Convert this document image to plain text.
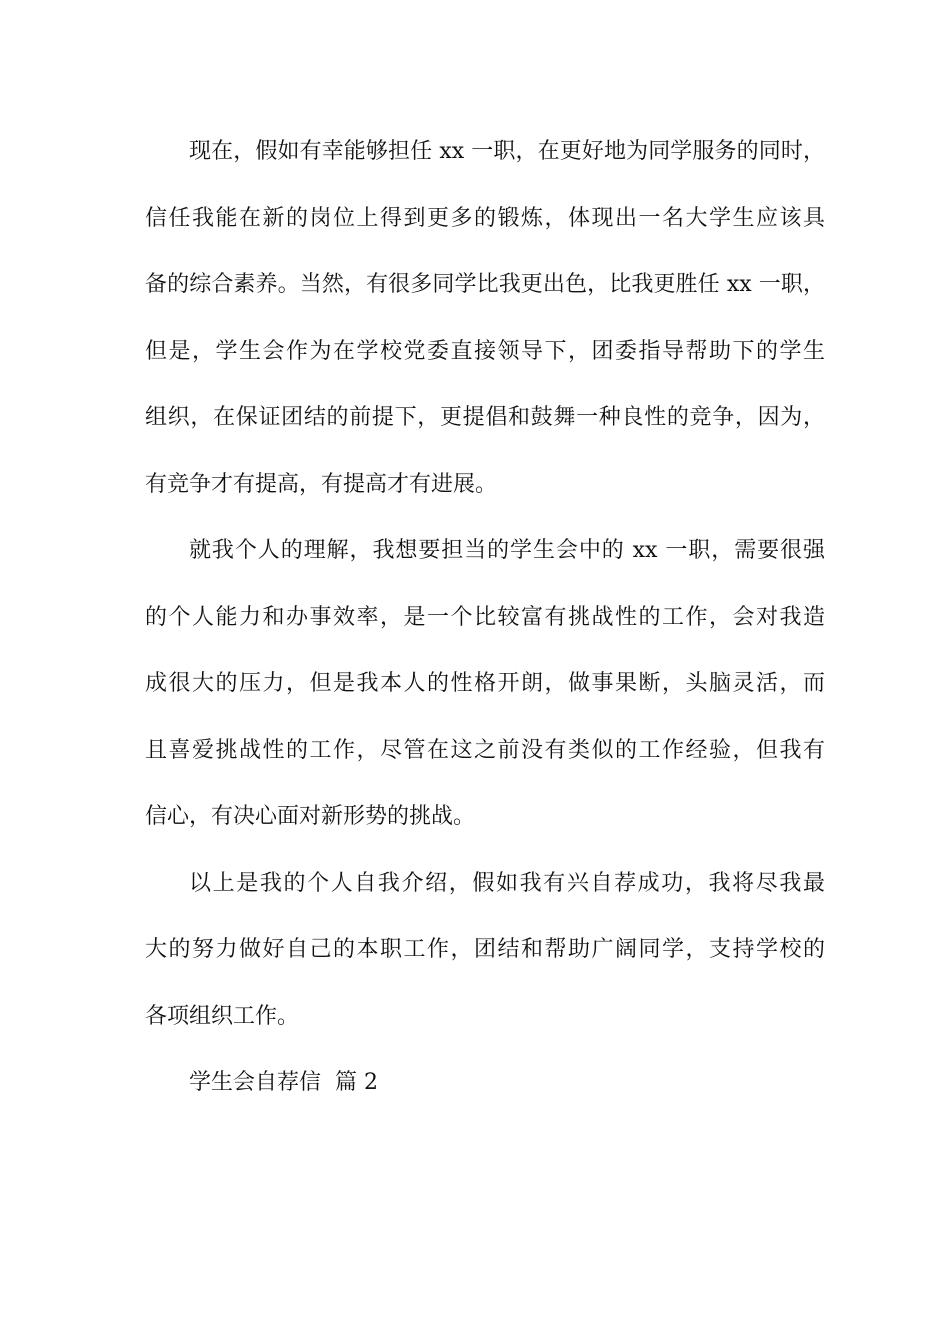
现在，假如有幸能够担任 xx 一职，在更好地为同学服务的同时，
信任我能在新的岗位上得到更多的锻炼，体现出一名大学生应该具
备的综合素养。当然，有很多同学比我更出色，比我更胜任 xx 一职，
但是，学生会作为在学校党委直接领导下，团委指导帮助下的学生
组织，在保证团结的前提下，更提倡和鼓舞一种良性的竞争，因为，
有竞争才有提高，有提高才有进展。
就我个人的理解，我想要担当的学生会中的 xx 一职，需要很强
的个人能力和办事效率，是一个比较富有挑战性的工作，会对我造
成很大的压力，但是我本人的性格开朗，做事果断，头脑灵活，而
且喜爱挑战性的工作，尽管在这之前没有类似的工作经验，但我有
信心，有决心面对新形势的挑战。
以上是我的个人自我介绍，假如我有兴自荐成功，我将尽我最
大的努力做好自己的本职工作，团结和帮助广阔同学，支持学校的
各项组织工作。
学生会自荐信  篇 2
